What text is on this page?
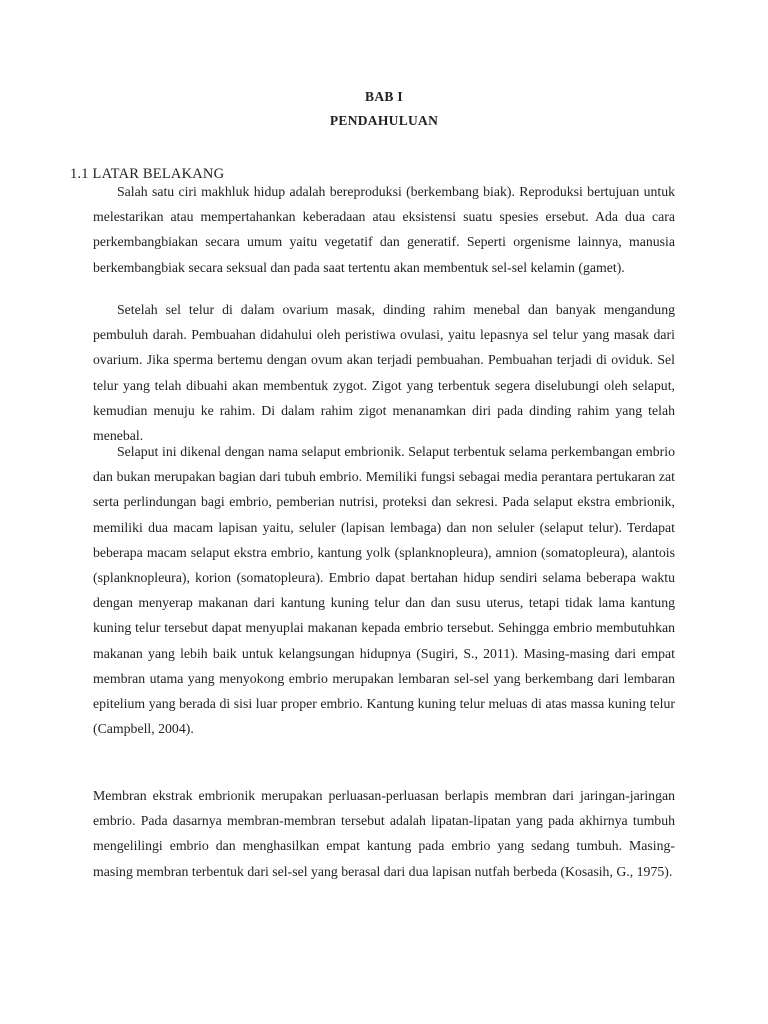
BAB I
PENDAHULUAN
1.1 LATAR BELAKANG

Salah satu ciri makhluk hidup adalah bereproduksi (berkembang biak). Reproduksi bertujuan untuk melestarikan atau mempertahankan keberadaan atau eksistensi suatu spesies ersebut. Ada dua cara perkembangbiakan secara umum yaitu vegetatif dan generatif. Seperti orgenisme lainnya, manusia berkembangbiak secara seksual dan pada saat tertentu akan membentuk sel-sel kelamin (gamet).

Setelah sel telur di dalam ovarium masak, dinding rahim menebal dan banyak mengandung pembuluh darah. Pembuahan didahului oleh peristiwa ovulasi, yaitu lepasnya sel telur yang masak dari ovarium. Jika sperma bertemu dengan ovum akan terjadi pembuahan. Pembuahan terjadi di oviduk. Sel telur yang telah dibuahi akan membentuk zygot. Zigot yang terbentuk segera diselubungi oleh selaput, kemudian menuju ke rahim. Di dalam rahim zigot menanamkan diri pada dinding rahim yang telah menebal.

Selaput ini dikenal dengan nama selaput embrionik. Selaput terbentuk selama perkembangan embrio dan bukan merupakan bagian dari tubuh embrio. Memiliki fungsi sebagai media perantara pertukaran zat serta perlindungan bagi embrio, pemberian nutrisi, proteksi dan sekresi. Pada selaput ekstra embrionik, memiliki dua macam lapisan yaitu, seluler (lapisan lembaga) dan non seluler (selaput telur). Terdapat beberapa macam selaput ekstra embrio, kantung yolk (splanknopleura), amnion (somatopleura), alantois (splanknopleura), korion (somatopleura). Embrio dapat bertahan hidup sendiri selama beberapa waktu dengan menyerap makanan dari kantung kuning telur dan dan susu uterus, tetapi tidak lama kantung kuning telur tersebut dapat menyuplai makanan kepada embrio tersebut. Sehingga embrio membutuhkan makanan yang lebih baik untuk kelangsungan hidupnya (Sugiri, S., 2011). Masing-masing dari empat membran utama yang menyokong embrio merupakan lembaran sel-sel yang berkembang dari lembaran epitelium yang berada di sisi luar proper embrio. Kantung kuning telur meluas di atas massa kuning telur (Campbell, 2004).

Membran ekstrak embrionik merupakan perluasan-perluasan berlapis membran dari jaringan-jaringan embrio. Pada dasarnya membran-membran tersebut adalah lipatan-lipatan yang pada akhirnya tumbuh mengelilingi embrio dan menghasilkan empat kantung pada embrio yang sedang tumbuh. Masing-masing membran terbentuk dari sel-sel yang berasal dari dua lapisan nutfah berbeda (Kosasih, G., 1975).
